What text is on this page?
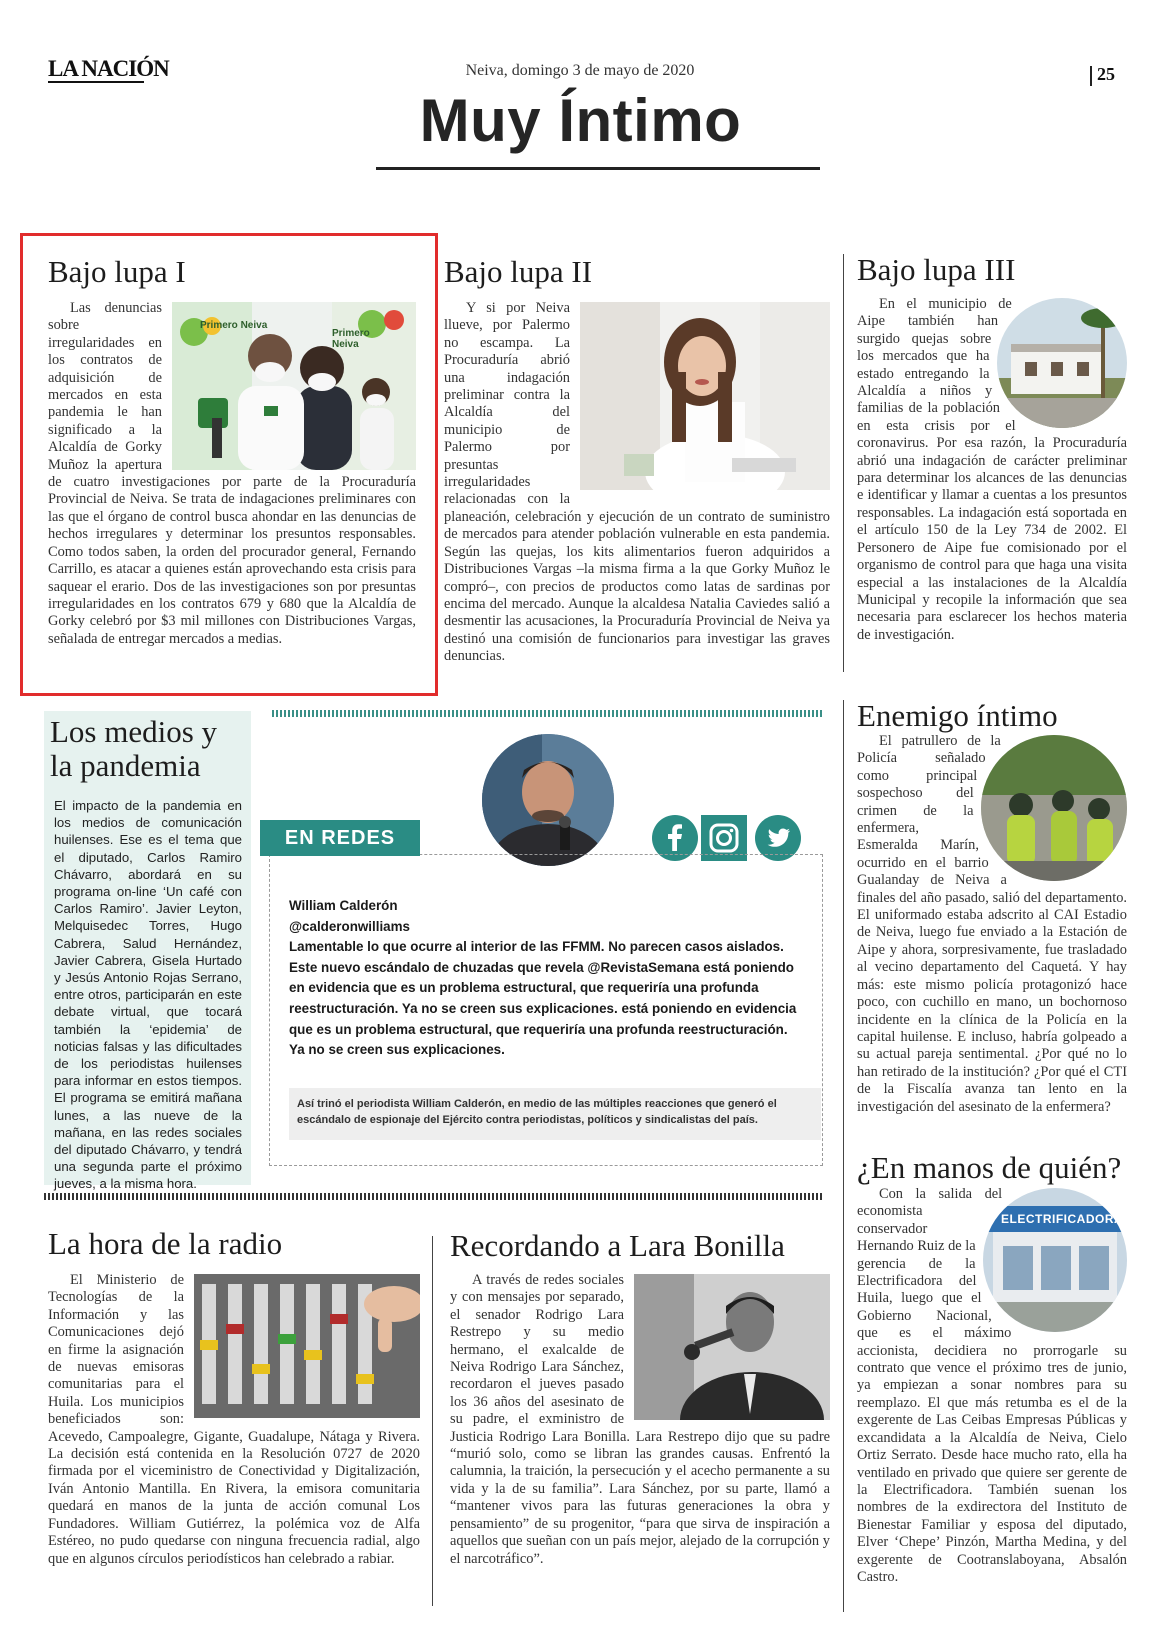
LA NACIÓN	Neiva, domingo 3 de mayo de 2020	25
Muy Íntimo
Bajo lupa I
Primero Neiva
Primero Neiva

Las denuncias sobre irregularidades en los contratos de adquisición de mercados en esta pandemia le han significado a la Alcaldía de Gorky Muñoz la apertura de cuatro investigaciones por parte de la Procuraduría Provincial de Neiva. Se trata de indagaciones preliminares con las que el órgano de control busca ahondar en las denuncias de hechos irregulares y determinar los presuntos responsables. Como todos saben, la orden del procurador general, Fernando Carrillo, es atacar a quienes están aprovechando esta crisis para saquear el erario. Dos de las investigaciones son por presuntas irregularidades en los contratos 679 y 680 que la Alcaldía de Gorky celebró por $3 mil millones con Distribuciones Vargas, señalada de entregar mercados a medias.

Bajo lupa II

Y si por Neiva llueve, por Palermo no escampa. La Procuraduría abrió una indagación preliminar contra la Alcaldía del municipio de Palermo por presuntas irregularidades relacionadas con la planeación, celebración y ejecución de un contrato de suministro de mercados para atender población vulnerable en esta pandemia. Según las quejas, los kits alimentarios fueron adquiridos a Distribuciones Vargas –la misma firma a la que Gorky Muñoz le compró–, con precios de productos como latas de sardinas por encima del mercado. Aunque la alcaldesa Natalia Caviedes salió a desmentir las acusaciones, la Procuraduría Provincial de Neiva ya destinó una comisión de funcionarios para investigar las graves denuncias.

Bajo lupa III

En el municipio de Aipe también han surgido quejas sobre los mercados que ha estado entregando la Alcaldía a niños y familias de la población en esta crisis por el coronavirus. Por esa razón, la Procuraduría abrió una indagación de carácter preliminar para determinar los alcances de las denuncias e identificar y llamar a cuentas a los presuntos responsables. La indagación está soportada en el artículo 150 de la Ley 734 de 2002. El Personero de Aipe fue comisionado por el organismo de control para que haga una visita especial a las instalaciones de la Alcaldía Municipal y recopile la información que sea necesaria para esclarecer los hechos materia de investigación.

Los medios y
la pandemia
El impacto de la pandemia en los medios de comunicación huilenses. Ese es el tema que el diputado, Carlos Ramiro Chávarro, abordará en su programa on-line ‘Un café con Carlos Ramiro’. Javier Leyton, Melquisedec Torres, Hugo Cabrera, Salud Hernández, Javier Cabrera, Gisela Hurtado y Jesús Antonio Rojas Serrano, entre otros, participarán en este debate virtual, que tocará también la ‘epidemia’ de noticias falsas y las dificultades de los periodistas huilenses para informar en estos tiempos. El programa se emitirá mañana lunes, a las nueve de la mañana, en las redes sociales del diputado Chávarro, y tendrá una segunda parte el próximo jueves, a la misma hora.
EN REDES
William Calderón
@calderonwilliams
Lamentable lo que ocurre al interior de las FFMM. No parecen casos aislados. Este nuevo escándalo de chuzadas que revela @RevistaSemana está poniendo en evidencia que es un problema estructural, que requeriría una profunda reestructuración. Ya no se creen sus explicaciones. está poniendo en evidencia que es un problema estructural, que requeriría una profunda reestructuración. Ya no se creen sus explicaciones.
Así trinó el periodista William Calderón, en medio de las múltiples reacciones que generó el escándalo de espionaje del Ejército contra periodistas, políticos y sindicalistas del país.
Enemigo íntimo

El patrullero de la Policía señalado como principal sospechoso del crimen de la enfermera, Esmeralda Marín, ocurrido en el barrio Gualanday de Neiva a finales del año pasado, salió del departamento. El uniformado estaba adscrito al CAI Estadio de Neiva, luego fue enviado a la Estación de Aipe y ahora, sorpresivamente, fue trasladado al vecino departamento del Caquetá. Y hay más: este mismo policía protagonizó hace poco, con cuchillo en mano, un bochornoso incidente en la clínica de la Policía en la capital huilense. E incluso, habría golpeado a su actual pareja sentimental. ¿Por qué no lo han retirado de la institución? ¿Por qué el CTI de la Fiscalía avanza tan lento en la investigación del asesinato de la enfermera?

¿En manos de quién?
ELECTRIFICADORA

Con la salida del economista conservador Hernando Ruiz de la gerencia de la Electrificadora del Huila, luego que el Gobierno Nacional, que es el máximo accionista, decidiera no prorrogarle su contrato que vence el próximo tres de junio, ya empiezan a sonar nombres para su reemplazo. El que más retumba es el de la exgerente de Las Ceibas Empresas Públicas y excandidata a la Alcaldía de Neiva, Cielo Ortiz Serrato. Desde hace mucho rato, ella ha ventilado en privado que quiere ser gerente de la Electrificadora. También suenan los nombres de la exdirectora del Instituto de Bienestar Familiar y esposa del diputado, Elver ‘Chepe’ Pinzón, Martha Medina, y del exgerente de Cootranslaboyana, Absalón Castro.

La hora de la radio

El Ministerio de Tecnologías de la Información y las Comunicaciones dejó en firme la asignación de nuevas emisoras comunitarias para el Huila. Los municipios beneficiados son: Acevedo, Campoalegre, Gigante, Guadalupe, Nátaga y Rivera. La decisión está contenida en la Resolución 0727 de 2020 firmada por el viceministro de Conectividad y Digitalización, Iván Antonio Mantilla. En Rivera, la emisora comunitaria quedará en manos de la junta de acción comunal Los Fundadores. William Gutiérrez, la polémica voz de Alfa Estéreo, no pudo quedarse con ninguna frecuencia radial, algo que en algunos círculos periodísticos han celebrado a rabiar.

Recordando a Lara Bonilla

A través de redes sociales y con mensajes por separado, el senador Rodrigo Lara Restrepo y su medio hermano, el exalcalde de Neiva Rodrigo Lara Sánchez, recordaron el jueves pasado los 36 años del asesinato de su padre, el exministro de Justicia Rodrigo Lara Bonilla. Lara Restrepo dijo que su padre “murió solo, como se libran las grandes causas. Enfrentó la calumnia, la traición, la persecución y el acecho permanente a su vida y la de su familia”. Lara Sánchez, por su parte, llamó a “mantener vivos para las futuras generaciones la obra y pensamiento” de su progenitor, “para que sirva de inspiración a aquellos que sueñan con un país mejor, alejado de la corrupción y el narcotráfico”.
